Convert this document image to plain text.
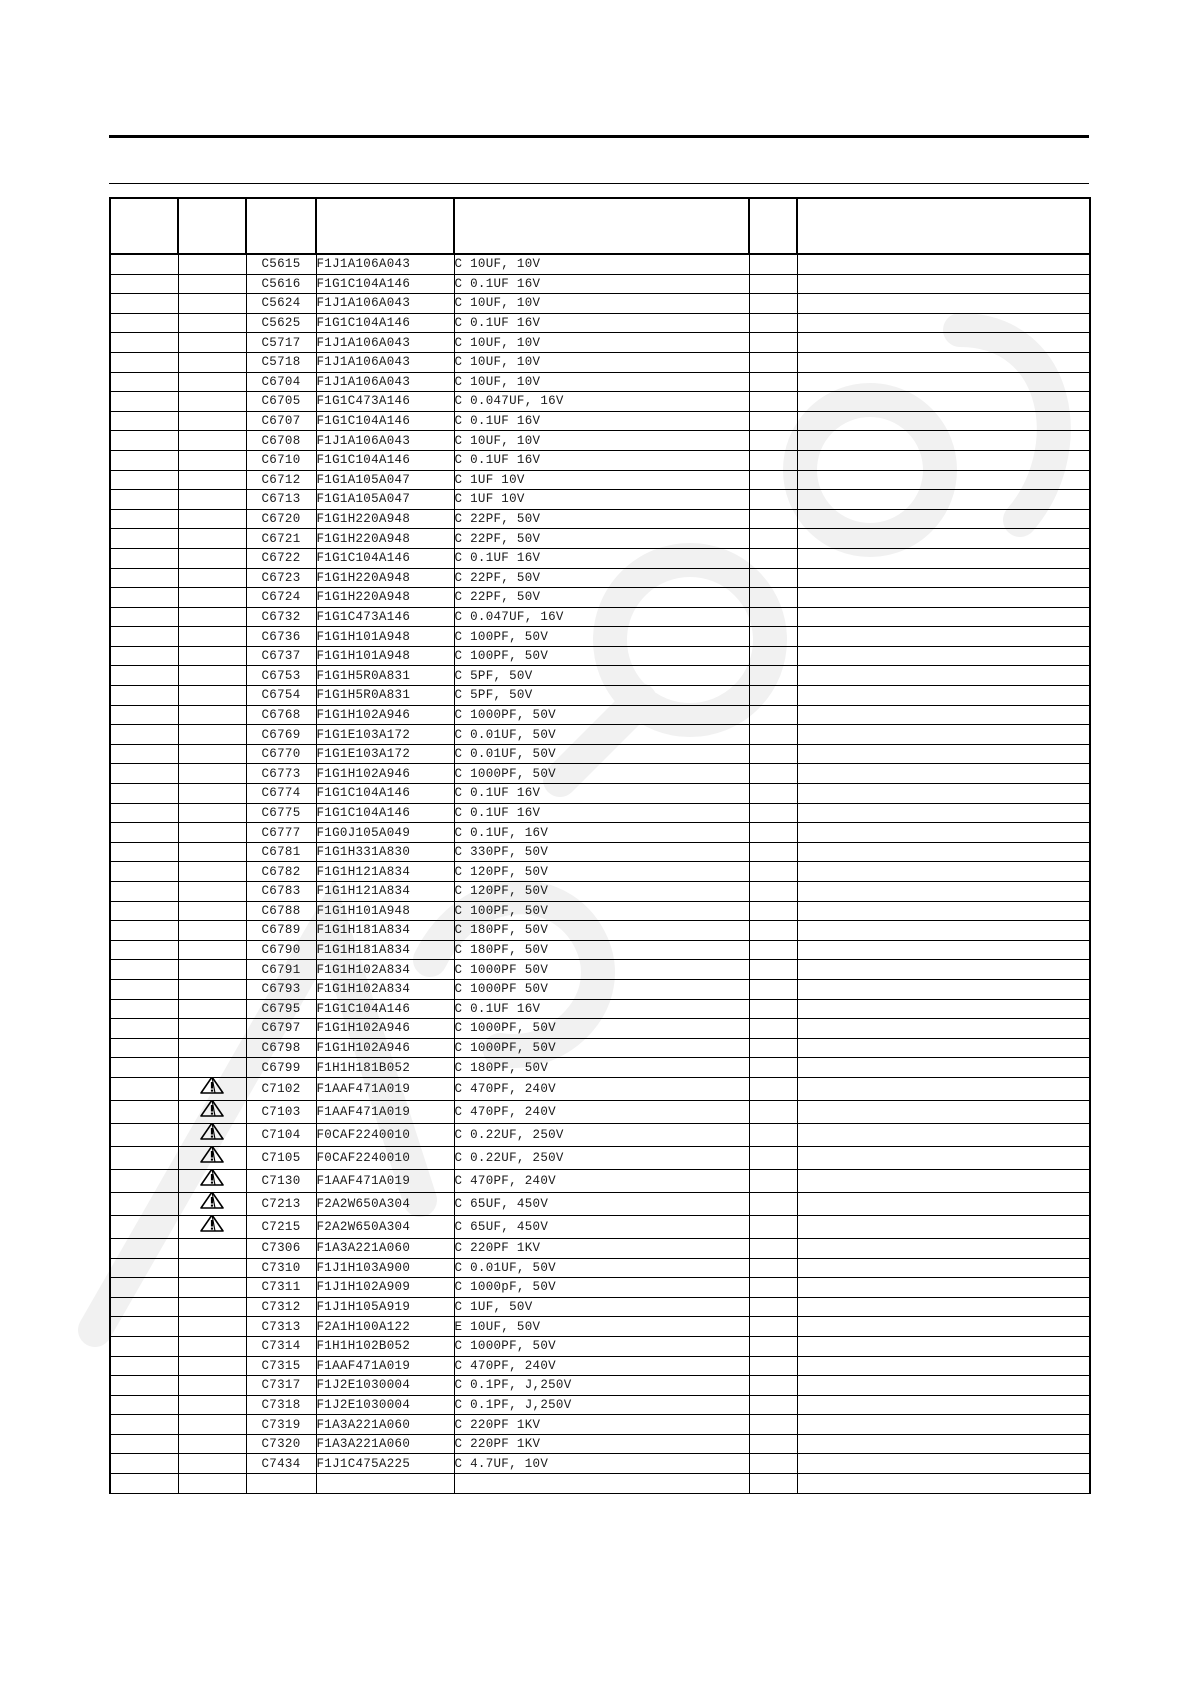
		C5615	F1J1A106A043	C 10UF, 10V		
		C5616	F1G1C104A146	C 0.1UF 16V		
		C5624	F1J1A106A043	C 10UF, 10V		
		C5625	F1G1C104A146	C 0.1UF 16V		
		C5717	F1J1A106A043	C 10UF, 10V		
		C5718	F1J1A106A043	C 10UF, 10V		
		C6704	F1J1A106A043	C 10UF, 10V		
		C6705	F1G1C473A146	C 0.047UF, 16V		
		C6707	F1G1C104A146	C 0.1UF 16V		
		C6708	F1J1A106A043	C 10UF, 10V		
		C6710	F1G1C104A146	C 0.1UF 16V		
		C6712	F1G1A105A047	C 1UF 10V		
		C6713	F1G1A105A047	C 1UF 10V		
		C6720	F1G1H220A948	C 22PF, 50V		
		C6721	F1G1H220A948	C 22PF, 50V		
		C6722	F1G1C104A146	C 0.1UF 16V		
		C6723	F1G1H220A948	C 22PF, 50V		
		C6724	F1G1H220A948	C 22PF, 50V		
		C6732	F1G1C473A146	C 0.047UF, 16V		
		C6736	F1G1H101A948	C 100PF, 50V		
		C6737	F1G1H101A948	C 100PF, 50V		
		C6753	F1G1H5R0A831	C 5PF, 50V		
		C6754	F1G1H5R0A831	C 5PF, 50V		
		C6768	F1G1H102A946	C 1000PF, 50V		
		C6769	F1G1E103A172	C 0.01UF, 50V		
		C6770	F1G1E103A172	C 0.01UF, 50V		
		C6773	F1G1H102A946	C 1000PF, 50V		
		C6774	F1G1C104A146	C 0.1UF 16V		
		C6775	F1G1C104A146	C 0.1UF 16V		
		C6777	F1G0J105A049	C 0.1UF, 16V		
		C6781	F1G1H331A830	C 330PF, 50V		
		C6782	F1G1H121A834	C 120PF, 50V		
		C6783	F1G1H121A834	C 120PF, 50V		
		C6788	F1G1H101A948	C 100PF, 50V		
		C6789	F1G1H181A834	C 180PF, 50V		
		C6790	F1G1H181A834	C 180PF, 50V		
		C6791	F1G1H102A834	C 1000PF 50V		
		C6793	F1G1H102A834	C 1000PF 50V		
		C6795	F1G1C104A146	C 0.1UF 16V		
		C6797	F1G1H102A946	C 1000PF, 50V		
		C6798	F1G1H102A946	C 1000PF, 50V		
		C6799	F1H1H181B052	C 180PF, 50V		
		C7102	F1AAF471A019	C 470PF, 240V		
		C7103	F1AAF471A019	C 470PF, 240V		
		C7104	F0CAF2240010	C 0.22UF, 250V		
		C7105	F0CAF2240010	C 0.22UF, 250V		
		C7130	F1AAF471A019	C 470PF, 240V		
		C7213	F2A2W650A304	C 65UF, 450V		
		C7215	F2A2W650A304	C 65UF, 450V		
		C7306	F1A3A221A060	C 220PF 1KV		
		C7310	F1J1H103A900	C 0.01UF, 50V		
		C7311	F1J1H102A909	C 1000pF, 50V		
		C7312	F1J1H105A919	C 1UF, 50V		
		C7313	F2A1H100A122	E 10UF, 50V		
		C7314	F1H1H102B052	C 1000PF, 50V		
		C7315	F1AAF471A019	C 470PF, 240V		
		C7317	F1J2E1030004	C 0.1PF, J,250V		
		C7318	F1J2E1030004	C 0.1PF, J,250V		
		C7319	F1A3A221A060	C 220PF 1KV		
		C7320	F1A3A221A060	C 220PF 1KV		
		C7434	F1J1C475A225	C 4.7UF, 10V		
